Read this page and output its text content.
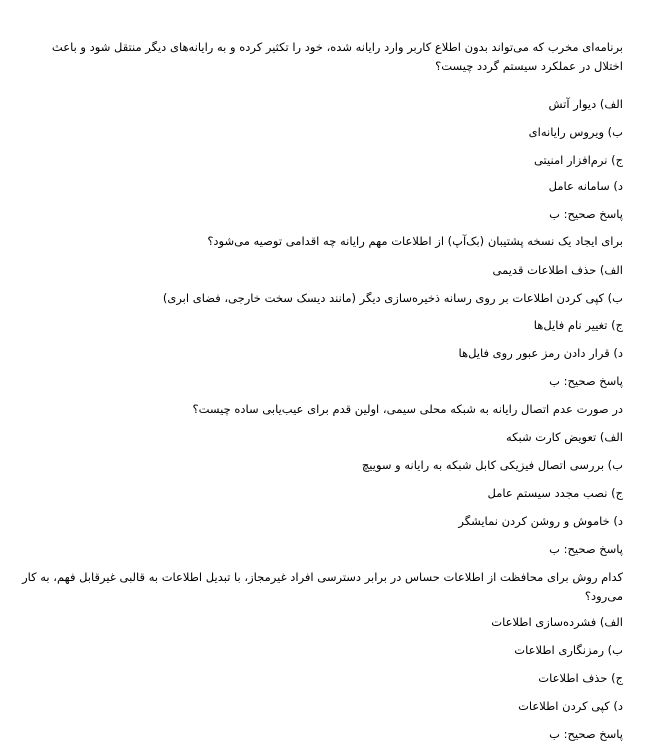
برنامه‌ای مخرب که می‌تواند بدون اطلاع کاربر وارد رایانه شده، خود را تکثیر کرده و به رایانه‌های دیگر منتقل شود و باعث اختلال در عملکرد سیستم گردد چیست؟
الف) دیوار آتش
ب) ویروس رایانه‌ای
ج) نرم‌افزار امنیتی
د) سامانه عامل
پاسخ صحیح: ب
برای ایجاد یک نسخه پشتیبان (بک‌آپ) از اطلاعات مهم رایانه چه اقدامی توصیه می‌شود؟
الف) حذف اطلاعات قدیمی
ب) کپی کردن اطلاعات بر روی رسانه ذخیره‌سازی دیگر (مانند دیسک سخت خارجی، فضای ابری)
ج) تغییر نام فایل‌ها
د) قرار دادن رمز عبور روی فایل‌ها
پاسخ صحیح: ب
در صورت عدم اتصال رایانه به شبکه محلی سیمی، اولین قدم برای عیب‌یابی ساده چیست؟
الف) تعویض کارت شبکه
ب) بررسی اتصال فیزیکی کابل شبکه به رایانه و سوییچ
ج) نصب مجدد سیستم عامل
د) خاموش و روشن کردن نمایشگر
پاسخ صحیح: ب
کدام روش برای محافظت از اطلاعات حساس در برابر دسترسی افراد غیرمجاز، با تبدیل اطلاعات به قالبی غیرقابل فهم، به کار می‌رود؟
الف) فشرده‌سازی اطلاعات
ب) رمزنگاری اطلاعات
ج) حذف اطلاعات
د) کپی کردن اطلاعات
پاسخ صحیح: ب
